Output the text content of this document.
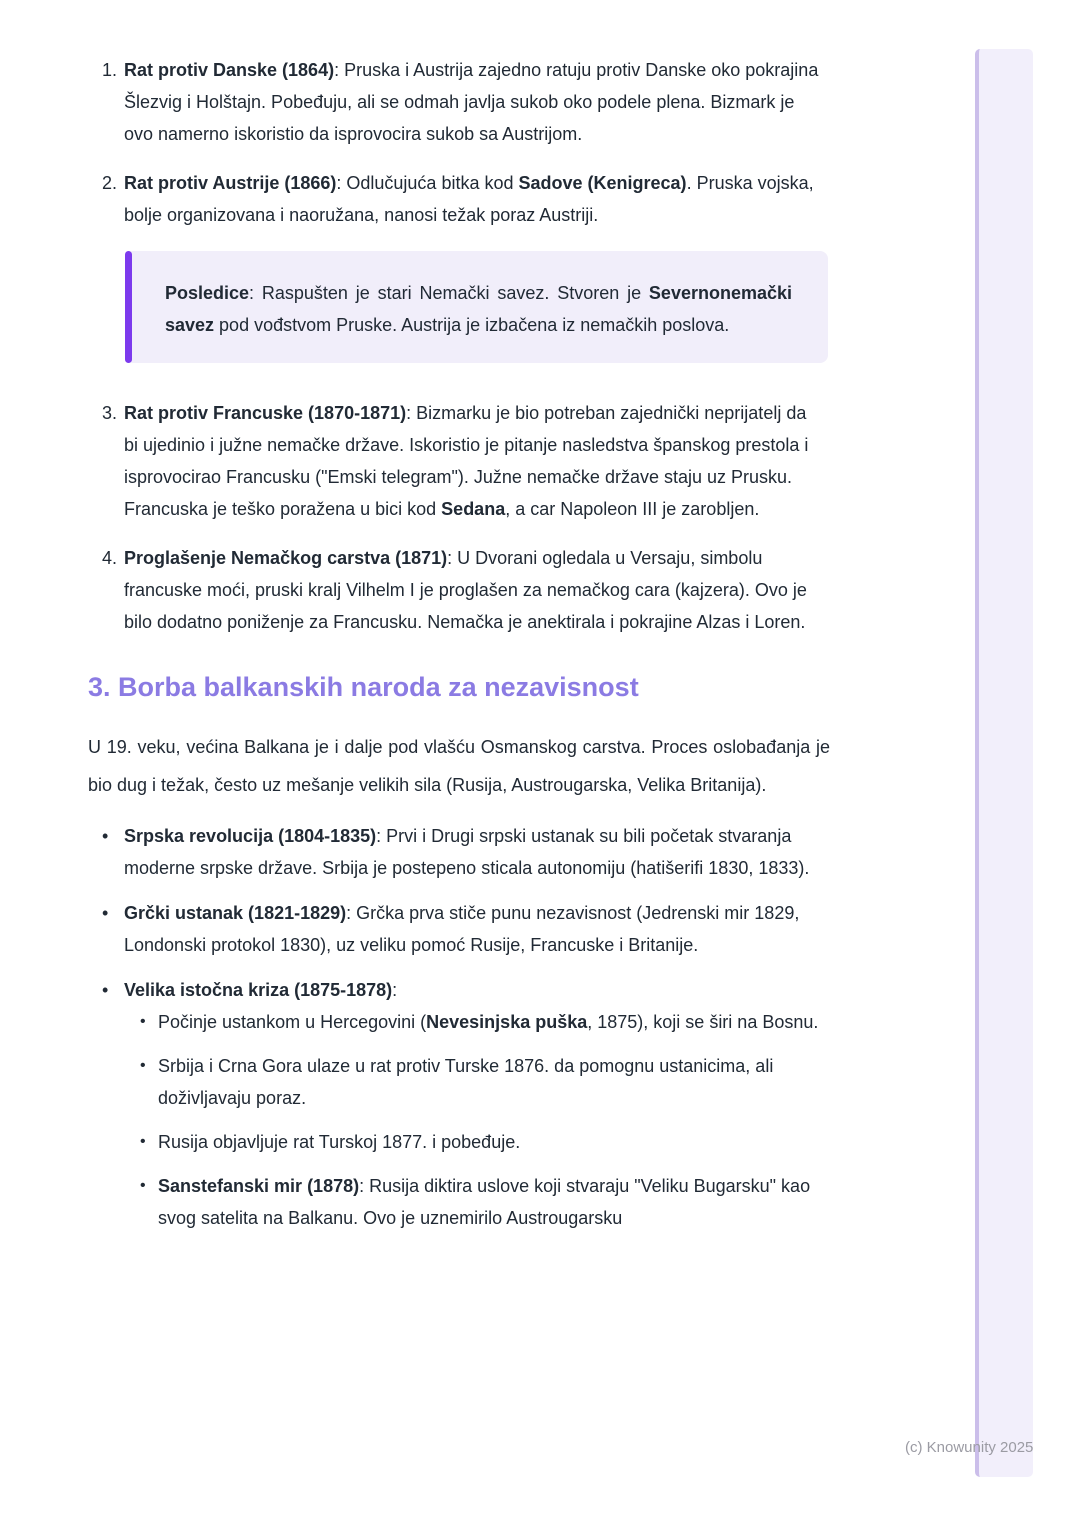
(c) Knowunity 2025
1. Rat protiv Danske (1864): Pruska i Austrija zajedno ratuju protiv Danske oko pokrajina Šlezvig i Holštajn. Pobeđuju, ali se odmah javlja sukob oko podele plena. Bizmark je ovo namerno iskoristio da isprovocira sukob sa Austrijom.
2. Rat protiv Austrije (1866): Odlučujuća bitka kod Sadove (Kenigreca). Pruska vojska, bolje organizovana i naoružana, nanosi težak poraz Austriji.
Posledice: Raspušten je stari Nemački savez. Stvoren je Severnonemački savez pod vođstvom Pruske. Austrija je izbačena iz nemačkih poslova.
3. Rat protiv Francuske (1870-1871): Bizmarku je bio potreban zajednički neprijatelj da bi ujedinio i južne nemačke države. Iskoristio je pitanje nasledstva španskog prestola i isprovocirao Francusku ("Emski telegram"). Južne nemačke države staju uz Prusku. Francuska je teško poražena u bici kod Sedana, a car Napoleon III je zarobljen.
4. Proglašenje Nemačkog carstva (1871): U Dvorani ogledala u Versaju, simbolu francuske moći, pruski kralj Vilhelm I je proglašen za nemačkog cara (kajzera). Ovo je bilo dodatno poniženje za Francusku. Nemačka je anektirala i pokrajine Alzas i Loren.
3. Borba balkanskih naroda za nezavisnost

U 19. veku, većina Balkana je i dalje pod vlašću Osmanskog carstva. Proces oslobađanja je bio dug i težak, često uz mešanje velikih sila (Rusija, Austrougarska, Velika Britanija).

• Srpska revolucija (1804-1835): Prvi i Drugi srpski ustanak su bili početak stvaranja moderne srpske države. Srbija je postepeno sticala autonomiju (hatišerifi 1830, 1833).
• Grčki ustanak (1821-1829): Grčka prva stiče punu nezavisnost (Jedrenski mir 1829, Londonski protokol 1830), uz veliku pomoć Rusije, Francuske i Britanije.
• Velika istočna kriza (1875-1878):
• Počinje ustankom u Hercegovini (Nevesinjska puška, 1875), koji se širi na Bosnu.
• Srbija i Crna Gora ulaze u rat protiv Turske 1876. da pomognu ustanicima, ali doživljavaju poraz.
• Rusija objavljuje rat Turskoj 1877. i pobeđuje.
• Sanstefanski mir (1878): Rusija diktira uslove koji stvaraju "Veliku Bugarsku" kao svog satelita na Balkanu. Ovo je uznemirilo Austrougarsku
